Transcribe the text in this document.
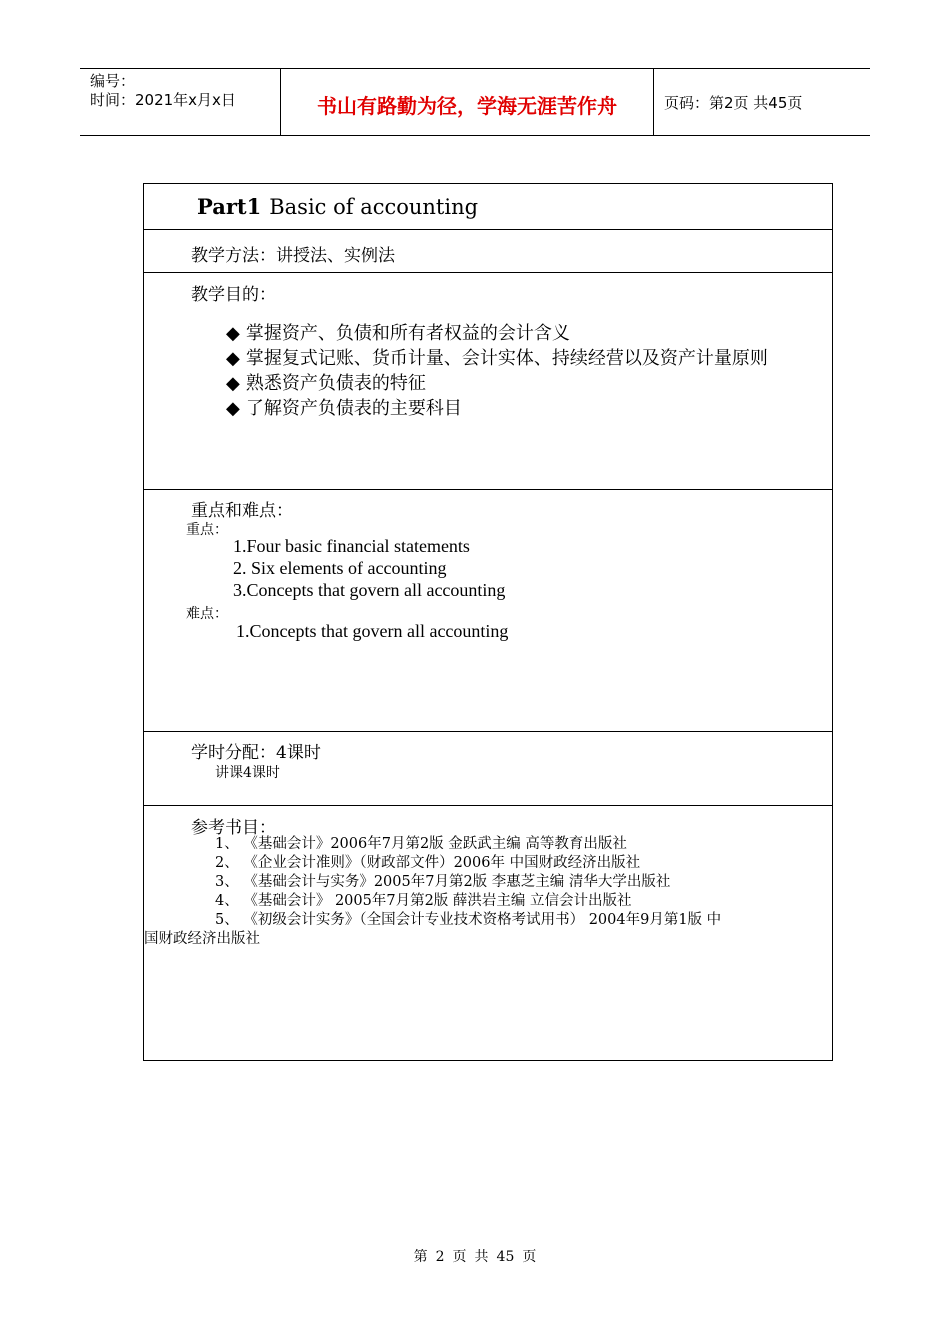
编号：
时间：2021年x月x日	书山有路勤为径，学海无涯苦作舟	页码：第2页 共45页
Part1 Basic of accounting
教学方法：讲授法、实例法
教学目的：
◆ 掌握资产、负债和所有者权益的会计含义
◆ 掌握复式记账、货币计量、会计实体、持续经营以及资产计量原则
◆ 熟悉资产负债表的特征
◆ 了解资产负债表的主要科目
重点和难点：
重点：
1.Four basic financial statements
2. Six elements of accounting
3.Concepts that govern all accounting
难点：
1.Concepts that govern all accounting
学时分配：4课时
讲课4课时
参考书目：
1、 《基础会计》2006年7月第2版 金跃武主编 高等教育出版社
2、 《企业会计准则》（财政部文件）2006年 中国财政经济出版社
3、 《基础会计与实务》2005年7月第2版 李惠芝主编 清华大学出版社
4、 《基础会计》 2005年7月第2版 薛洪岩主编 立信会计出版社
5、 《初级会计实务》（全国会计专业技术资格考试用书） 2004年9月第1版 中
国财政经济出版社
第 2 页 共 45 页
